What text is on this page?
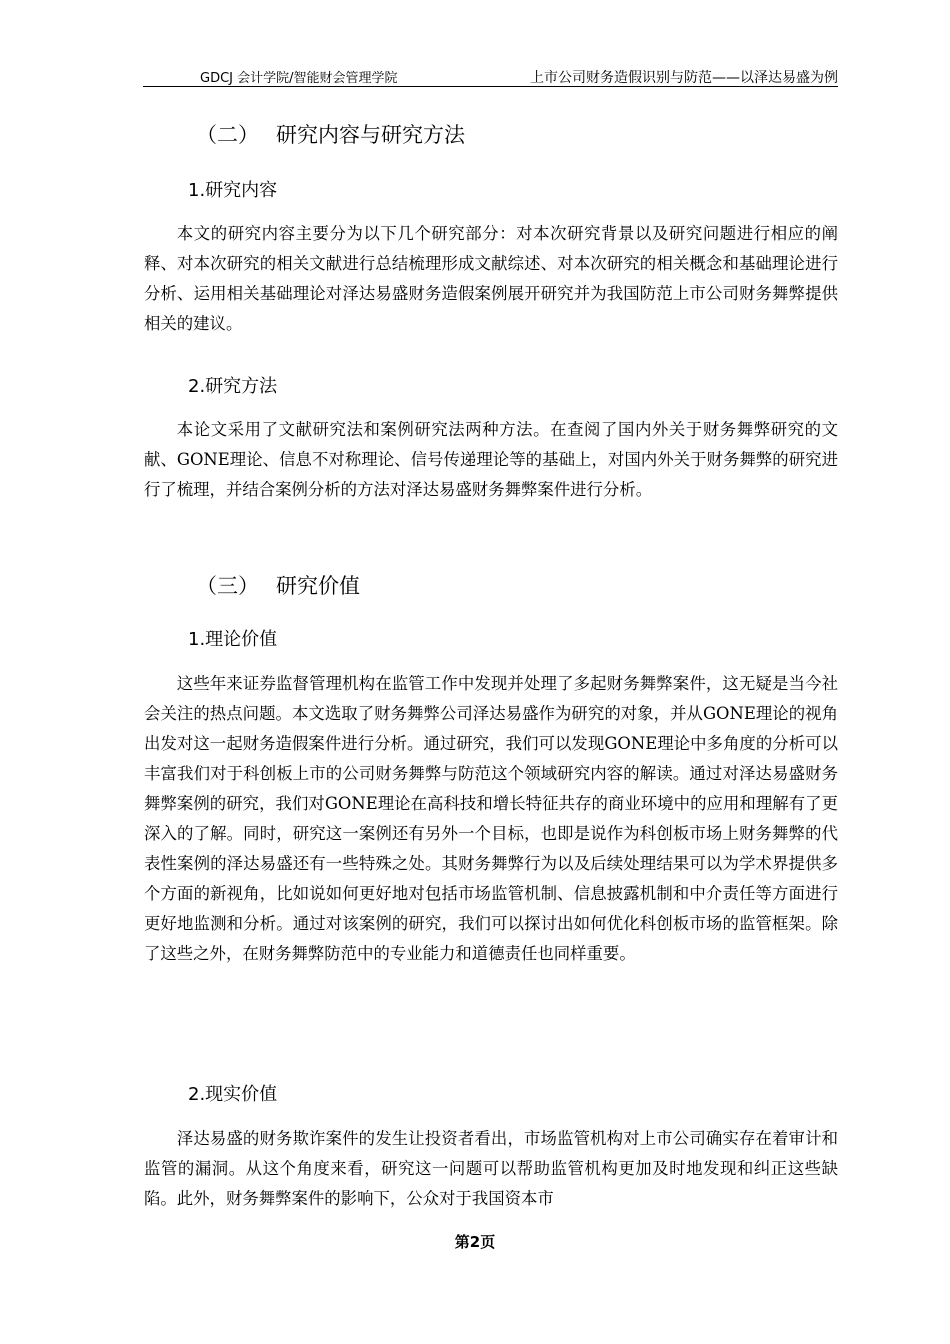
GDCJ 会计学院/智能财会管理学院	上市公司财务造假识别与防范——以泽达易盛为例
（二） 研究内容与研究方法
1.研究内容

本文的研究内容主要分为以下几个研究部分：对本次研究背景以及研究问题进行相应的阐释、对本次研究的相关文献进行总结梳理形成文献综述、对本次研究的相关概念和基础理论进行分析、运用相关基础理论对泽达易盛财务造假案例展开研究并为我国防范上市公司财务舞弊提供相关的建议。

2.研究方法

本论文采用了文献研究法和案例研究法两种方法。在查阅了国内外关于财务舞弊研究的文献、GONE理论、信息不对称理论、信号传递理论等的基础上，对国内外关于财务舞弊的研究进行了梳理，并结合案例分析的方法对泽达易盛财务舞弊案件进行分析。

（三） 研究价值
1.理论价值

这些年来证券监督管理机构在监管工作中发现并处理了多起财务舞弊案件，这无疑是当今社会关注的热点问题。本文选取了财务舞弊公司泽达易盛作为研究的对象，并从GONE理论的视角出发对这一起财务造假案件进行分析。通过研究，我们可以发现GONE理论中多角度的分析可以丰富我们对于科创板上市的公司财务舞弊与防范这个领域研究内容的解读。通过对泽达易盛财务舞弊案例的研究，我们对GONE理论在高科技和增长特征共存的商业环境中的应用和理解有了更深入的了解。同时，研究这一案例还有另外一个目标，也即是说作为科创板市场上财务舞弊的代表性案例的泽达易盛还有一些特殊之处。其财务舞弊行为以及后续处理结果可以为学术界提供多个方面的新视角，比如说如何更好地对包括市场监管机制、信息披露机制和中介责任等方面进行更好地监测和分析。通过对该案例的研究，我们可以探讨出如何优化科创板市场的监管框架。除了这些之外，在财务舞弊防范中的专业能力和道德责任也同样重要。

2.现实价值

泽达易盛的财务欺诈案件的发生让投资者看出，市场监管机构对上市公司确实存在着审计和监管的漏洞。从这个角度来看，研究这一问题可以帮助监管机构更加及时地发现和纠正这些缺陷。此外，财务舞弊案件的影响下，公众对于我国资本市

第2页
